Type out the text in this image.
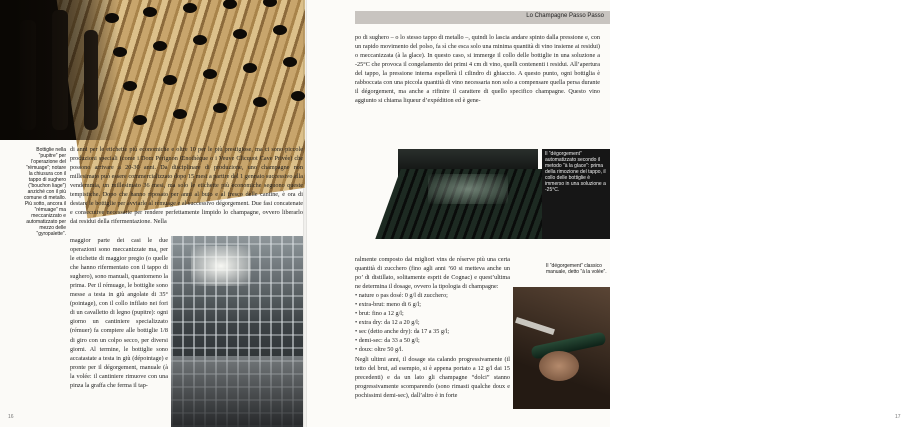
Bottiglie nella “pupitre” per l’operazione del “rémuage”; notare la chiusura con il tappo di sughero (“bouchon liage”) anziché con il più comune di metallo. Più sotto, ancora il “rémuage” ma meccanizzato e automatizzato per mezzo delle “gyropalette”.

di anni per le etichette più economiche e oltre 10 per le più prestigiose, ma ci sono piccole produzioni speciali (come i Dom Pérignon Œnothèque o i Veuve Clicquot Cave Privée) che possono arrivare a 20-30 anni. Da disciplinare di produzione, uno champagne non millesimato può essere commercializzato dopo 15 mesi a partire dal 1 gennaio successivo alla vendemmia, un millesimato 36 mesi, ma solo le etichette più economiche seguono queste tempistiche. Dopo che hanno riposato per anni al buio e al fresco delle cantine, è ora di destare le bottiglie per avviarle al rémuage e al successivo dégorgement. Due fasi concatenate e consecutive necessarie per rendere perfettamente limpido lo champagne, ovvero liberarlo dai residui della rifermentazione. Nella

maggior parte dei casi le due operazioni sono meccanizzate ma, per le etichette di maggior pregio (o quelle che hanno rifermentato con il tappo di sughero), sono manuali, quantomeno la prima. Per il rémuage, le bottiglie sono messe a testa in giù angolate di 35° (pointage), con il collo infilato nei fori di un cavalletto di legno (pupitre): ogni giorno un cantiniere specializzato (rémuer) fa compiere alle bottiglie 1/8 di giro con un colpo secco, per diversi giorni. Al termine, le bottiglie sono accatastate a testa in giù (dépointage) e pronte per il dégorgement, manuale (à la volée: il cantiniere rimuove con una pinza la graffa che ferma il tap-

16
Lo Champagne Passo Passo

po di sughero – o lo stesso tappo di metallo –, quindi lo lascia andare spinto dalla pressione e, con un rapido movimento del polso, fa sì che esca solo una minima quantità di vino insieme ai residui) o meccanizzata (à la glace). In questo caso, si immerge il collo delle bottiglie in una soluzione a -25°C che provoca il congelamento dei primi 4 cm di vino, quelli contenenti i residui. All’apertura del tappo, la pressione interna espellerà il cilindro di ghiaccio. A questo punto, ogni bottiglia è rabboccata con una piccola quantità di vino necessaria non solo a compensare quella persa durante il dégorgement, ma anche a rifinire il carattere di quello specifico champagne. Questo vino aggiunto si chiama liqueur d’expédition ed è gene-

Il “dégorgement” automatizzato secondo il metodo “à la glace”: prima della rimozione del tappo, il collo delle bottiglie è immerso in una soluzione a -25°C.
Il “dégorgement” classico manuale, detto “à la volée”.

ralmente composto dai migliori vins de réserve più una certa quantità di zucchero (fino agli anni ’60 si metteva anche un po’ di distillato, solitamente esprit de Cognac) e quest’ultima ne determina il dosage, ovvero la tipologia di champagne:

• nature o pas dosé: 0 g/l di zucchero;
• extra-brut: meno di 6 g/l;
• brut: fino a 12 g/l;
• extra dry: da 12 a 20 g/l;
• sec (detto anche dry): da 17 a 35 g/l;
• demi-sec: da 33 a 50 g/l;
• doux: oltre 50 g/l.

Negli ultimi anni, il dosage sta calando progressivamente (il tetto del brut, ad esempio, si è appena portato a 12 g/l dai 15 precedenti) e da un lato gli champagne “dolci” stanno progressivamente scomparendo (sono rimasti qualche doux e pochissimi demi-sec), dall’altro è in forte

17
